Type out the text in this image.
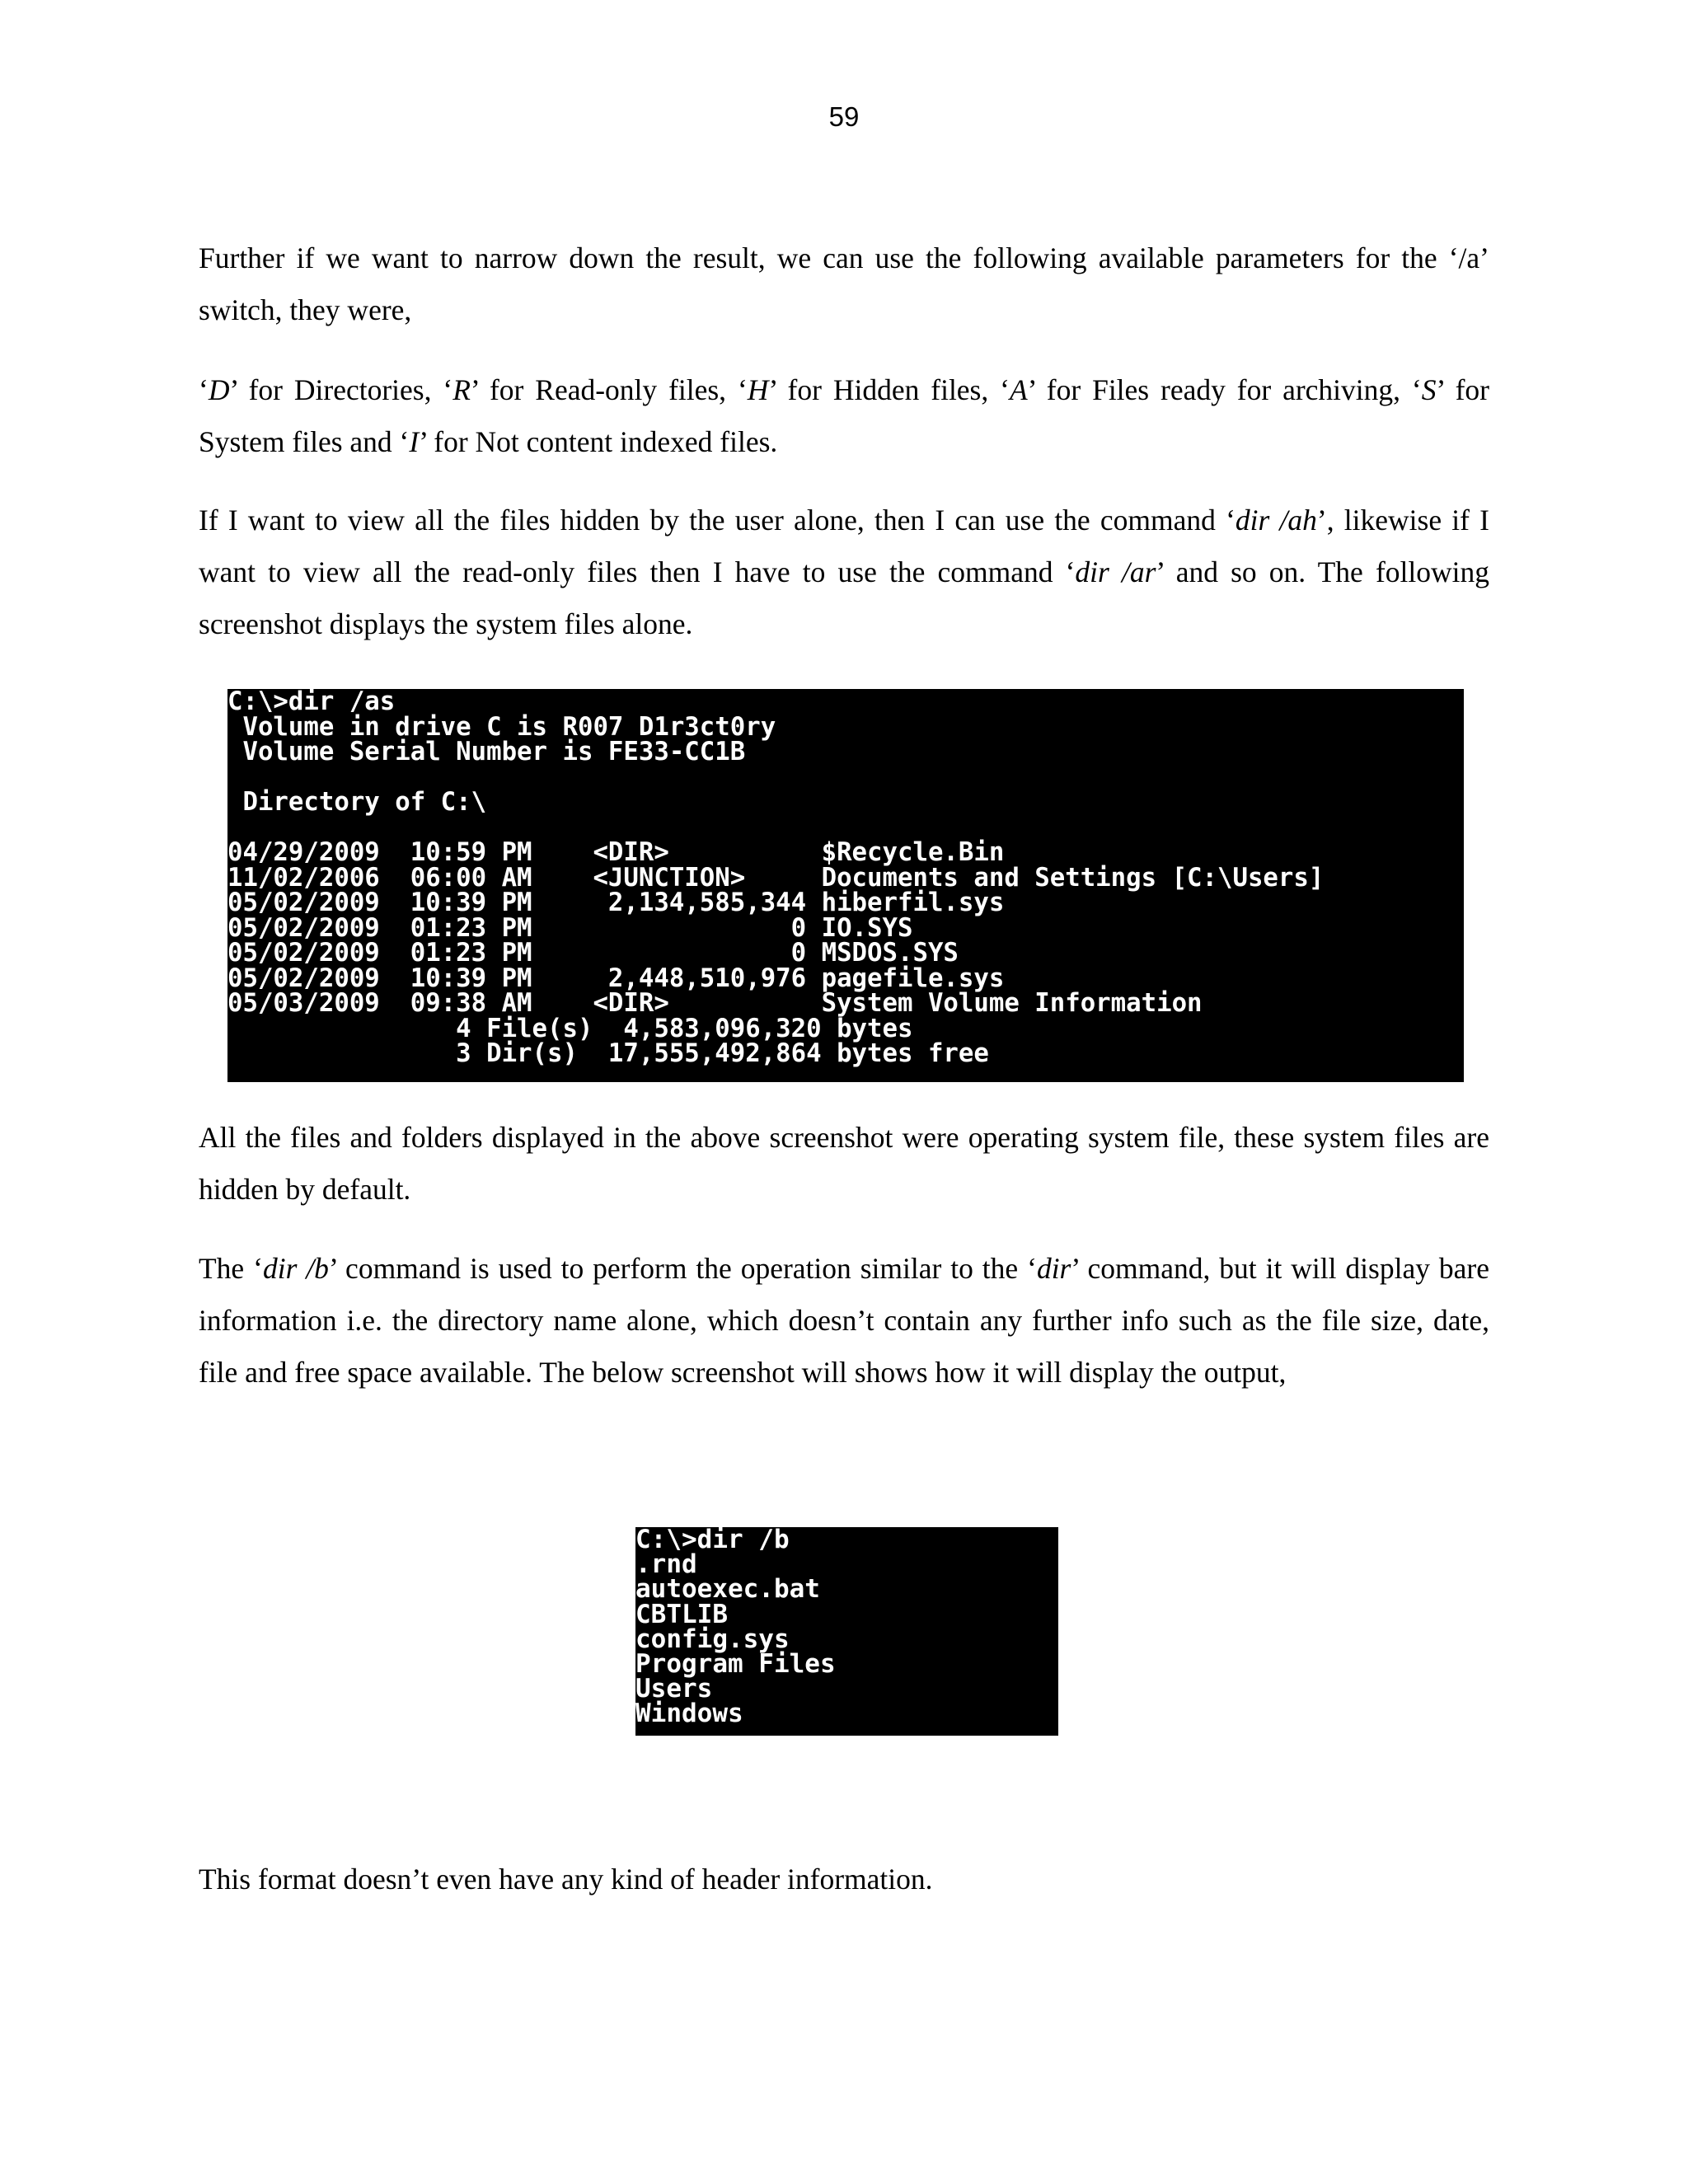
59

Further if we want to narrow down the result, we can use the following available parameters for the ‘/a’ switch, they were,

‘D’ for Directories, ‘R’ for Read-only files, ‘H’ for Hidden files, ‘A’ for Files ready for archiving, ‘S’ for System files and ‘I’ for Not content indexed files.

If I want to view all the files hidden by the user alone, then I can use the command ‘dir /ah’, likewise if I want to view all the read-only files then I have to use the command ‘dir /ar’ and so on. The following screenshot displays the system files alone.

C:\>dir /as
Volume in drive C is R007 D1r3ct0ry
Volume Serial Number is FE33-CC1B

Directory of C:\

04/29/2009  10:59 PM    <DIR>          $Recycle.Bin
11/02/2006  06:00 AM    <JUNCTION>     Documents and Settings [C:\Users]
05/02/2009  10:39 PM     2,134,585,344 hiberfil.sys
05/02/2009  01:23 PM                 0 IO.SYS
05/02/2009  01:23 PM                 0 MSDOS.SYS
05/02/2009  10:39 PM     2,448,510,976 pagefile.sys
05/03/2009  09:38 AM    <DIR>          System Volume Information
4 File(s)  4,583,096,320 bytes
3 Dir(s)  17,555,492,864 bytes free

All the files and folders displayed in the above screenshot were operating system file, these system files are hidden by default.

The ‘dir /b’ command is used to perform the operation similar to the ‘dir’ command, but it will display bare information i.e. the directory name alone, which doesn’t contain any further info such as the file size, date, file and free space available. The below screenshot will shows how it will display the output,

C:\>dir /b
.rnd
autoexec.bat
CBTLIB
config.sys
Program Files
Users
Windows

This format doesn’t even have any kind of header information.
